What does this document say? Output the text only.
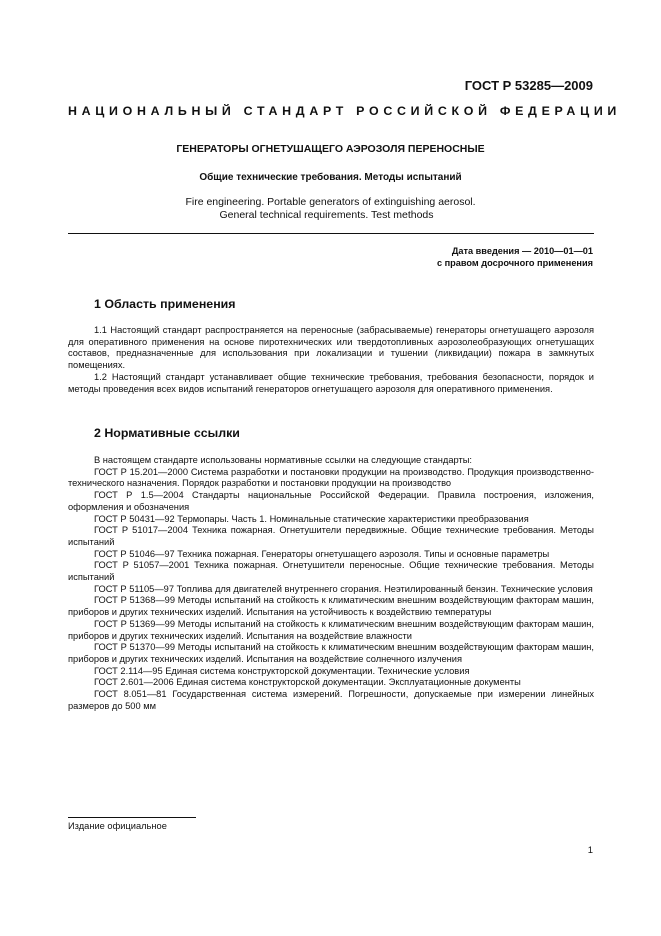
ГОСТ Р 53285—2009
НАЦИОНАЛЬНЫЙ СТАНДАРТ РОССИЙСКОЙ ФЕДЕРАЦИИ
ГЕНЕРАТОРЫ ОГНЕТУШАЩЕГО АЭРОЗОЛЯ ПЕРЕНОСНЫЕ
Общие технические требования. Методы испытаний
Fire engineering. Portable generators of extinguishing aerosol.
General technical requirements. Test methods
Дата введения — 2010—01—01
с правом досрочного применения
1 Область применения

1.1 Настоящий стандарт распространяется на переносные (забрасываемые) генераторы огнетушащего аэрозоля для оперативного применения на основе пиротехнических или твердотопливных аэрозолеобразующих огнетушащих составов, предназначенные для использования при локализации и тушении (ликвидации) пожара в замкнутых помещениях.

1.2 Настоящий стандарт устанавливает общие технические требования, требования безопасности, порядок и методы проведения всех видов испытаний генераторов огнетушащего аэрозоля для оперативного применения.

2 Нормативные ссылки

В настоящем стандарте использованы нормативные ссылки на следующие стандарты:

ГОСТ Р 15.201—2000 Система разработки и постановки продукции на производство. Продукция производственно-технического назначения. Порядок разработки и постановки продукции на производство

ГОСТ Р 1.5—2004 Стандарты национальные Российской Федерации. Правила построения, изложения, оформления и обозначения

ГОСТ Р 50431—92 Термопары. Часть 1. Номинальные статические характеристики преобразования

ГОСТ Р 51017—2004 Техника пожарная. Огнетушители передвижные. Общие технические требования. Методы испытаний

ГОСТ Р 51046—97 Техника пожарная. Генераторы огнетушащего аэрозоля. Типы и основные параметры

ГОСТ Р 51057—2001 Техника пожарная. Огнетушители переносные. Общие технические требования. Методы испытаний

ГОСТ Р 51105—97 Топлива для двигателей внутреннего сгорания. Неэтилированный бензин. Технические условия

ГОСТ Р 51368—99 Методы испытаний на стойкость к климатическим внешним воздействующим факторам машин, приборов и других технических изделий. Испытания на устойчивость к воздействию температуры

ГОСТ Р 51369—99 Методы испытаний на стойкость к климатическим внешним воздействующим факторам машин, приборов и других технических изделий. Испытания на воздействие влажности

ГОСТ Р 51370—99 Методы испытаний на стойкость к климатическим внешним воздействующим факторам машин, приборов и других технических изделий. Испытания на воздействие солнечного излучения

ГОСТ 2.114—95 Единая система конструкторской документации. Технические условия

ГОСТ 2.601—2006 Единая система конструкторской документации. Эксплуатационные документы

ГОСТ 8.051—81 Государственная система измерений. Погрешности, допускаемые при измерении линейных размеров до 500 мм

Издание официальное
1
